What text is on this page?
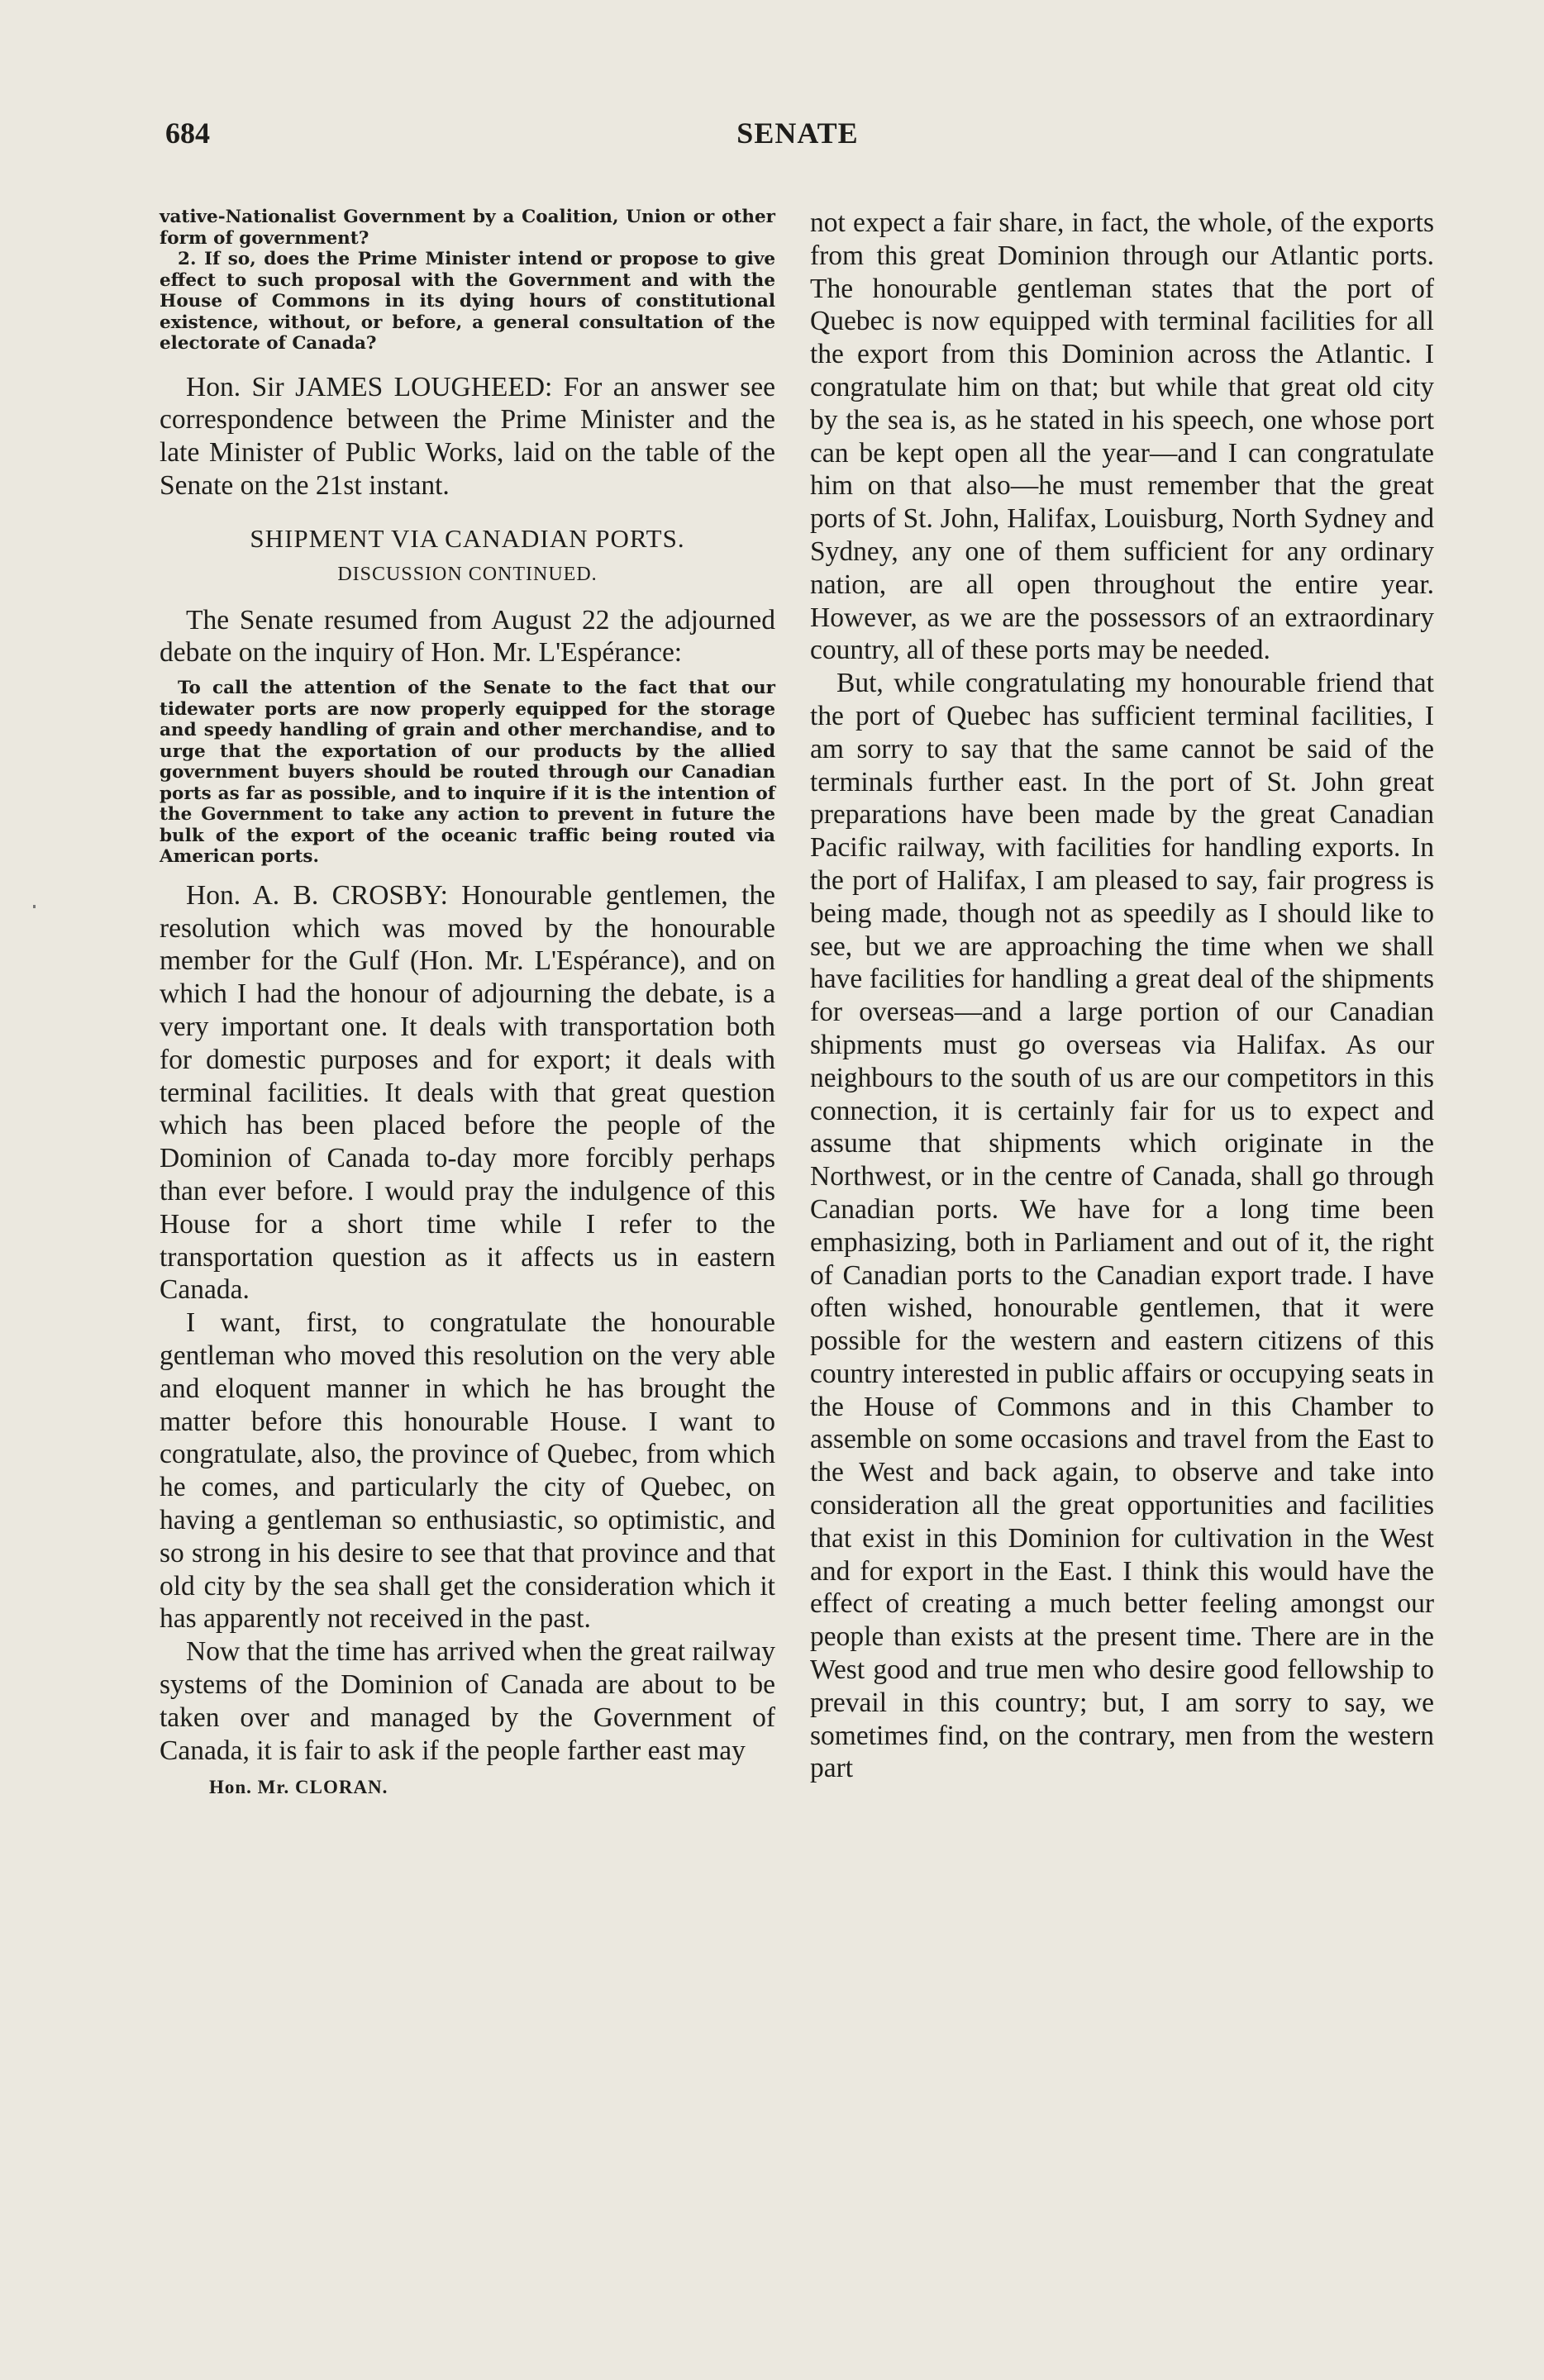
684	SENATE

vative-Nationalist Government by a Coalition, Union or other form of government?

2. If so, does the Prime Minister intend or propose to give effect to such proposal with the Government and with the House of Commons in its dying hours of constitutional existence, without, or before, a general consultation of the electorate of Canada?

Hon. Sir JAMES LOUGHEED: For an answer see correspondence between the Prime Minister and the late Minister of Public Works, laid on the table of the Senate on the 21st instant.

SHIPMENT VIA CANADIAN PORTS.
DISCUSSION CONTINUED.

The Senate resumed from August 22 the adjourned debate on the inquiry of Hon. Mr. L'Espérance:

To call the attention of the Senate to the fact that our tidewater ports are now properly equipped for the storage and speedy handling of grain and other merchandise, and to urge that the exportation of our products by the allied government buyers should be routed through our Canadian ports as far as possible, and to inquire if it is the intention of the Government to take any action to prevent in future the bulk of the export of the oceanic traffic being routed via American ports.

Hon. A. B. CROSBY: Honourable gentlemen, the resolution which was moved by the honourable member for the Gulf (Hon. Mr. L'Espérance), and on which I had the honour of adjourning the debate, is a very important one. It deals with transportation both for domestic purposes and for export; it deals with terminal facilities. It deals with that great question which has been placed before the people of the Dominion of Canada to-day more forcibly perhaps than ever before. I would pray the indulgence of this House for a short time while I refer to the transportation question as it affects us in eastern Canada.

I want, first, to congratulate the honourable gentleman who moved this resolution on the very able and eloquent manner in which he has brought the matter before this honourable House. I want to congratulate, also, the province of Quebec, from which he comes, and particularly the city of Quebec, on having a gentleman so enthusiastic, so optimistic, and so strong in his desire to see that that province and that old city by the sea shall get the consideration which it has apparently not received in the past.

Now that the time has arrived when the great railway systems of the Dominion of Canada are about to be taken over and managed by the Government of Canada, it is fair to ask if the people farther east may

Hon. Mr. CLORAN.

not expect a fair share, in fact, the whole, of the exports from this great Dominion through our Atlantic ports. The honourable gentleman states that the port of Quebec is now equipped with terminal facilities for all the export from this Dominion across the Atlantic. I congratulate him on that; but while that great old city by the sea is, as he stated in his speech, one whose port can be kept open all the year—and I can congratulate him on that also—he must remember that the great ports of St. John, Halifax, Louisburg, North Sydney and Sydney, any one of them sufficient for any ordinary nation, are all open throughout the entire year. However, as we are the possessors of an extraordinary country, all of these ports may be needed.

But, while congratulating my honourable friend that the port of Quebec has sufficient terminal facilities, I am sorry to say that the same cannot be said of the terminals further east. In the port of St. John great preparations have been made by the great Canadian Pacific railway, with facilities for handling exports. In the port of Halifax, I am pleased to say, fair progress is being made, though not as speedily as I should like to see, but we are approaching the time when we shall have facilities for handling a great deal of the shipments for overseas—and a large portion of our Canadian shipments must go overseas via Halifax. As our neighbours to the south of us are our competitors in this connection, it is certainly fair for us to expect and assume that shipments which originate in the Northwest, or in the centre of Canada, shall go through Canadian ports. We have for a long time been emphasizing, both in Parliament and out of it, the right of Canadian ports to the Canadian export trade. I have often wished, honourable gentlemen, that it were possible for the western and eastern citizens of this country interested in public affairs or occupying seats in the House of Commons and in this Chamber to assemble on some occasions and travel from the East to the West and back again, to observe and take into consideration all the great opportunities and facilities that exist in this Dominion for cultivation in the West and for export in the East. I think this would have the effect of creating a much better feeling amongst our people than exists at the present time. There are in the West good and true men who desire good fellowship to prevail in this country; but, I am sorry to say, we sometimes find, on the contrary, men from the western part
